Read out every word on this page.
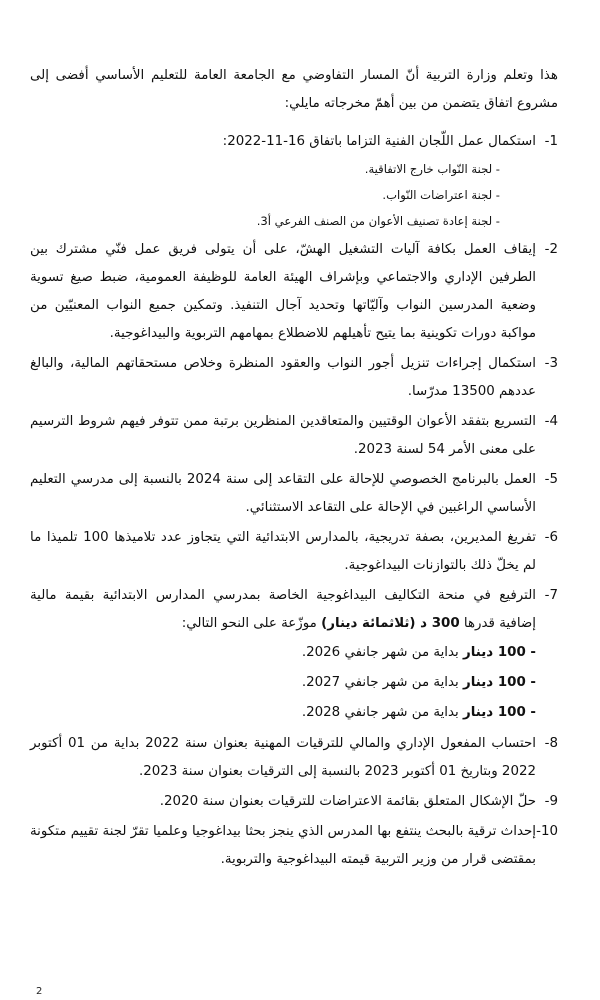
هذا وتعلم وزارة التربية أنّ المسار التفاوضي مع الجامعة العامة للتعليم الأساسي أفضى إلى مشروع اتفاق يتضمن من بين أهمّ مخرجاته مايلي:

1-
استكمال عمل اللّجان الفنية التزاما باتفاق 16-11-2022:
- لجنة النّواب خارج الاتفاقية.
- لجنة اعتراضات النّواب.
- لجنة إعادة تصنيف الأعوان من الصنف الفرعي أ3.
2-
إيقاف العمل بكافة آليات التشغيل الهشّ، على أن يتولى فريق عمل فنّي مشترك بين الطرفين الإداري والاجتماعي وبإشراف الهيئة العامة للوظيفة العمومية، ضبط صيغ تسوية وضعية المدرسين النواب وآليّاتها وتحديد آجال التنفيذ. وتمكين جميع النواب المعنيّين من مواكبة دورات تكوينية بما يتيح تأهيلهم للاضطلاع بمهامهم التربوية والبيداغوجية.
3-
استكمال إجراءات تنزيل أجور النواب والعقود المنظرة وخلاص مستحقاتهم المالية، والبالغ عددهم 13500 مدرّسا.
4-
التسريع بتفقد الأعوان الوقتيين والمتعاقدين المنظرين برتبة ممن تتوفر فيهم شروط الترسيم على معنى الأمر 54 لسنة 2023.
5-
العمل بالبرنامج الخصوصي للإحالة على التقاعد إلى سنة 2024 بالنسبة إلى مدرسي التعليم الأساسي الراغبين في الإحالة على التقاعد الاستثنائي.
6-
تفريغ المديرين، بصفة تدريجية، بالمدارس الابتدائية التي يتجاوز عدد تلاميذها 100 تلميذا ما لم يخلّ ذلك بالتوازنات البيداغوجية.
7-
الترفيع في منحة التكاليف البيداغوجية الخاصة بمدرسي المدارس الابتدائية بقيمة مالية إضافية قدرها 300 د (ثلاثمائة دينار) موزّعة على النحو التالي:
- 100 دينار بداية من شهر جانفي 2026.
- 100 دينار بداية من شهر جانفي 2027.
- 100 دينار بداية من شهر جانفي 2028.
8-
احتساب المفعول الإداري والمالي للترقيات المهنية بعنوان سنة 2022 بداية من 01 أكتوبر 2022 وبتاريخ 01 أكتوبر 2023 بالنسبة إلى الترقيات بعنوان سنة 2023.
9-
حلّ الإشكال المتعلق بقائمة الاعتراضات للترقيات بعنوان سنة 2020.
10-
إحداث ترقية بالبحث ينتفع بها المدرس الذي ينجز بحثا بيداغوجيا وعلميا تقرّ لجنة تقييم متكونة بمقتضى قرار من وزير التربية قيمته البيداغوجية والتربوية.
2
